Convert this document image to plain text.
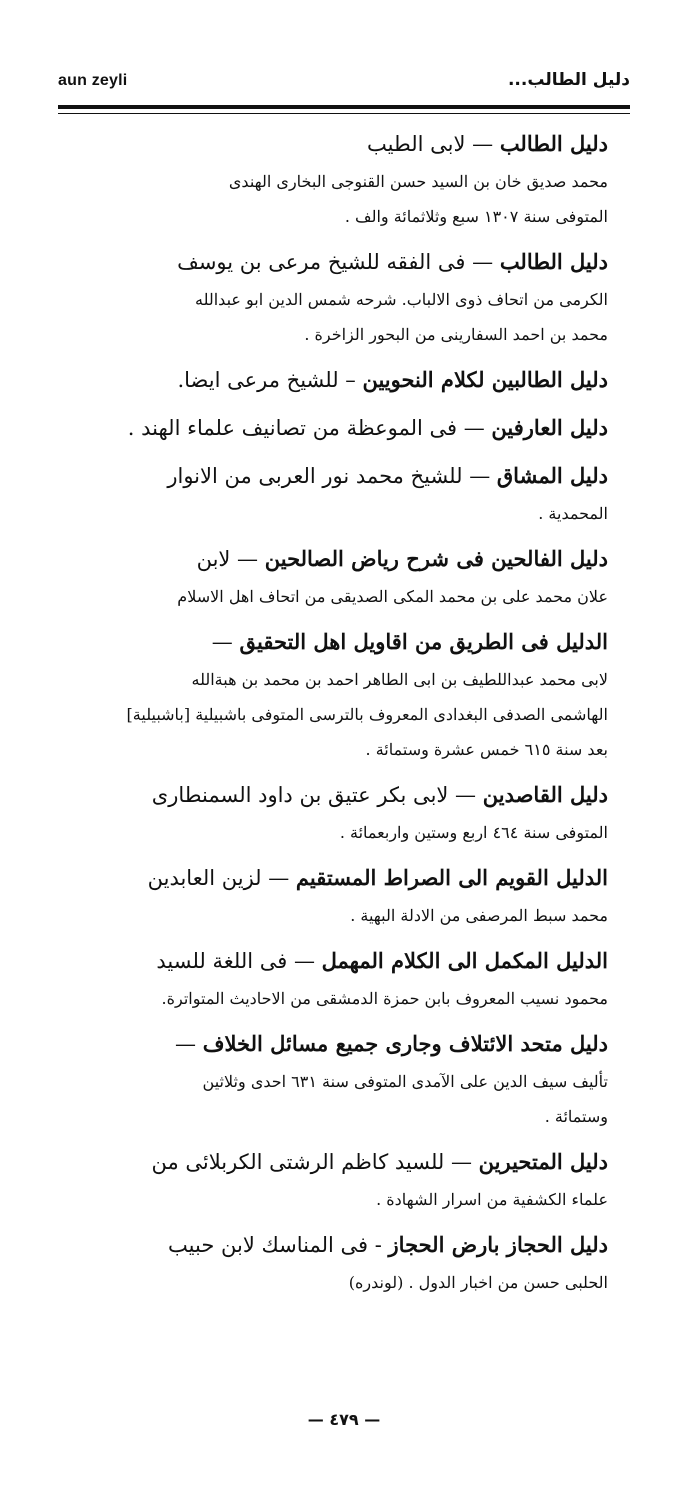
aun zeyli	دليل الطالب...
دليل الطالب — لابى الطيب
محمد صديق خان بن السيد حسن القنوجى البخارى الهندى
المتوفى سنة ١٣٠٧ سبع وثلاثمائة والف .
دليل الطالب — فى الفقه للشيخ مرعى بن يوسف
الكرمى من اتحاف ذوى الالباب. شرحه شمس الدين ابو عبدالله
محمد بن احمد السفارينى من البحور الزاخرة .
دليل الطالبين لكلام النحويين – للشيخ مرعى ايضا.
دليل العارفين — فى الموعظة من تصانيف علماء الهند .
دليل المشاق — للشيخ محمد نور العربى من الانوار
المحمدية .
دليل الفالحين فى شرح رياض الصالحين — لابن
علان محمد على بن محمد المكى الصديقى من اتحاف اهل الاسلام
الدليل فى الطريق من اقاويل اهل التحقيق —
لابى محمد عبداللطيف بن ابى الطاهر احمد بن محمد بن هبةالله
الهاشمى الصدفى البغدادى المعروف بالترسى المتوفى باشبيلية [باشبيلية]
بعد سنة ٦١٥ خمس عشرة وستمائة .
دليل القاصدين — لابى بكر عتيق بن داود السمنطارى
المتوفى سنة ٤٦٤ اربع وستين واربعمائة .
الدليل القويم الى الصراط المستقيم — لزين العابدين
محمد سبط المرصفى من الادلة البهية .
الدليل المكمل الى الكلام المهمل — فى اللغة للسيد
محمود نسيب المعروف بابن حمزة الدمشقى من الاحاديث المتواترة.
دليل متحد الائتلاف وجارى جميع مسائل الخلاف —
تأليف سيف الدين على الآمدى المتوفى سنة ٦٣١ احدى وثلاثين
وستمائة .
دليل المتحيرين — للسيد كاظم الرشتى الكربلائى من
علماء الكشفية من اسرار الشهادة .
دليل الحجاز بارض الحجاز - فى المناسك لابن حبيب
الحلبى حسن من اخبار الدول . (لوندره)
— ٤٧٩ —
